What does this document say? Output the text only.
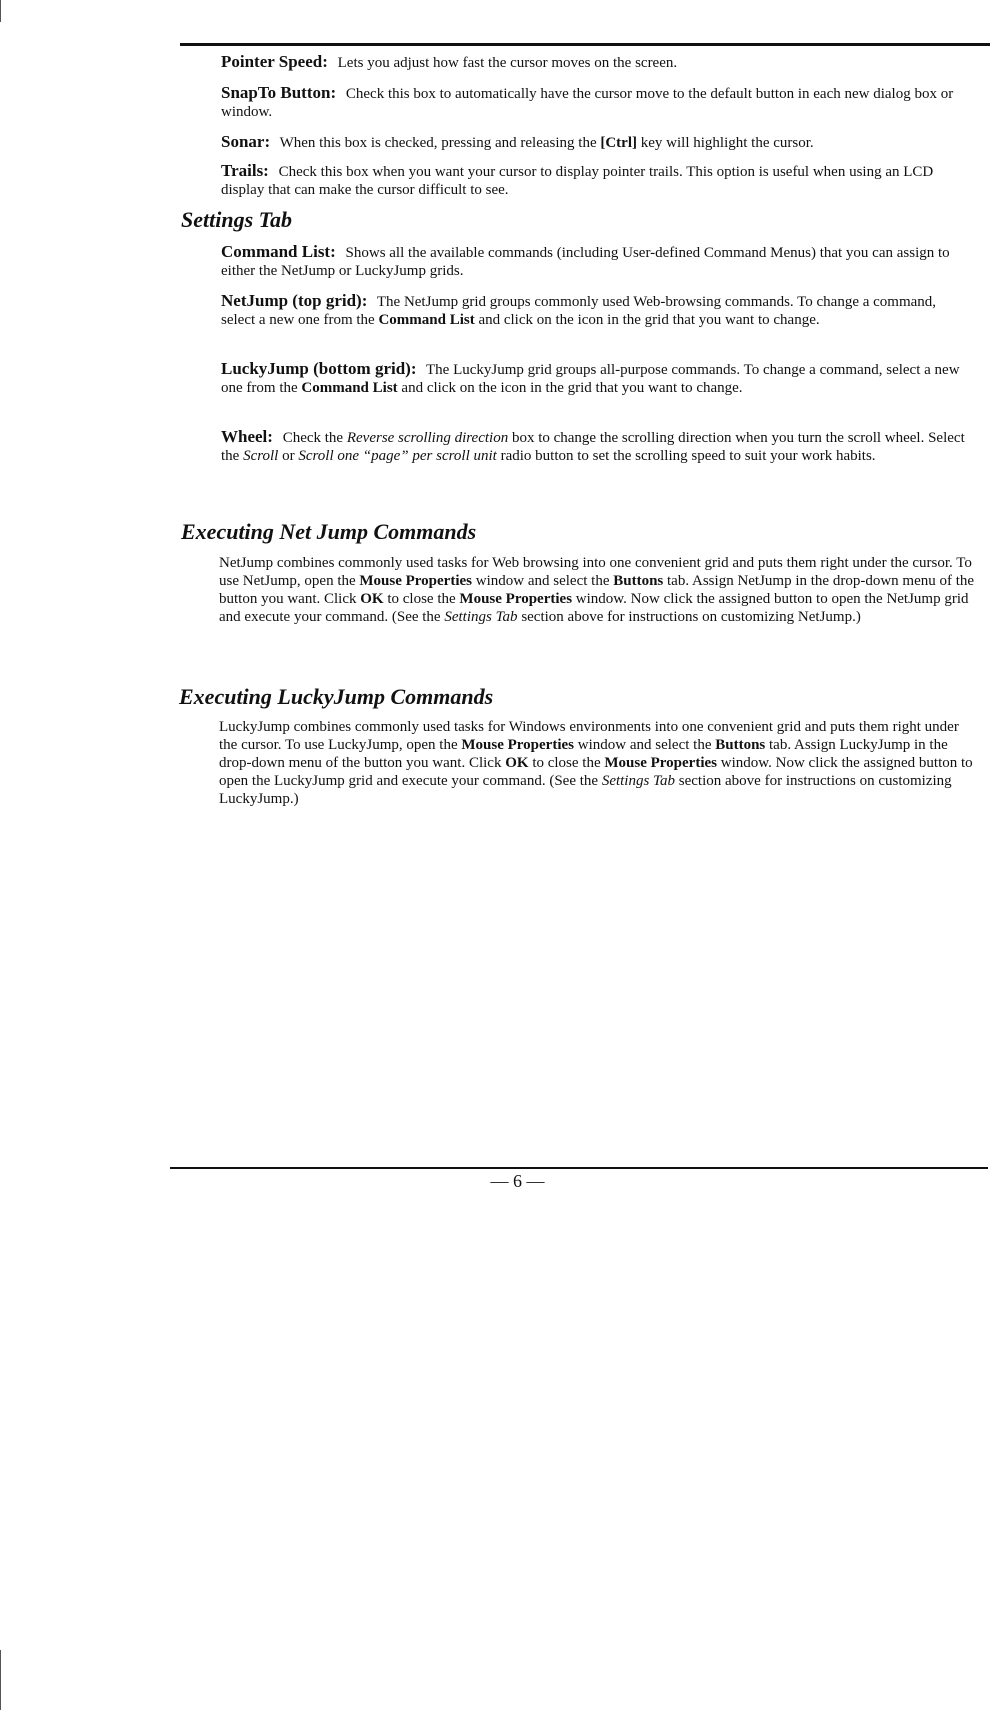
Pointer Speed: Lets you adjust how fast the cursor moves on the screen.
SnapTo Button: Check this box to automatically have the cursor move to the default button in each new dialog box or window.
Sonar: When this box is checked, pressing and releasing the [Ctrl] key will highlight the cursor.
Trails: Check this box when you want your cursor to display pointer trails. This option is useful when using an LCD display that can make the cursor difficult to see.
Settings Tab
Command List: Shows all the available commands (including User-defined Command Menus) that you can assign to either the NetJump or LuckyJump grids.
NetJump (top grid): The NetJump grid groups commonly used Web-browsing commands. To change a command, select a new one from the Command List and click on the icon in the grid that you want to change.
LuckyJump (bottom grid): The LuckyJump grid groups all-purpose commands. To change a command, select a new one from the Command List and click on the icon in the grid that you want to change.
Wheel: Check the Reverse scrolling direction box to change the scrolling direction when you turn the scroll wheel. Select the Scroll or Scroll one “page” per scroll unit radio button to set the scrolling speed to suit your work habits.
Executing Net Jump Commands
NetJump combines commonly used tasks for Web browsing into one convenient grid and puts them right under the cursor. To use NetJump, open the Mouse Properties window and select the Buttons tab. Assign NetJump in the drop-down menu of the button you want. Click OK to close the Mouse Properties window. Now click the assigned button to open the NetJump grid and execute your command. (See the Settings Tab section above for instructions on customizing NetJump.)
Executing LuckyJump Commands
LuckyJump combines commonly used tasks for Windows environments into one convenient grid and puts them right under the cursor. To use LuckyJump, open the Mouse Properties window and select the Buttons tab. Assign LuckyJump in the drop-down menu of the button you want. Click OK to close the Mouse Properties window. Now click the assigned button to open the LuckyJump grid and execute your command. (See the Settings Tab section above for instructions on customizing LuckyJump.)
— 6 —
